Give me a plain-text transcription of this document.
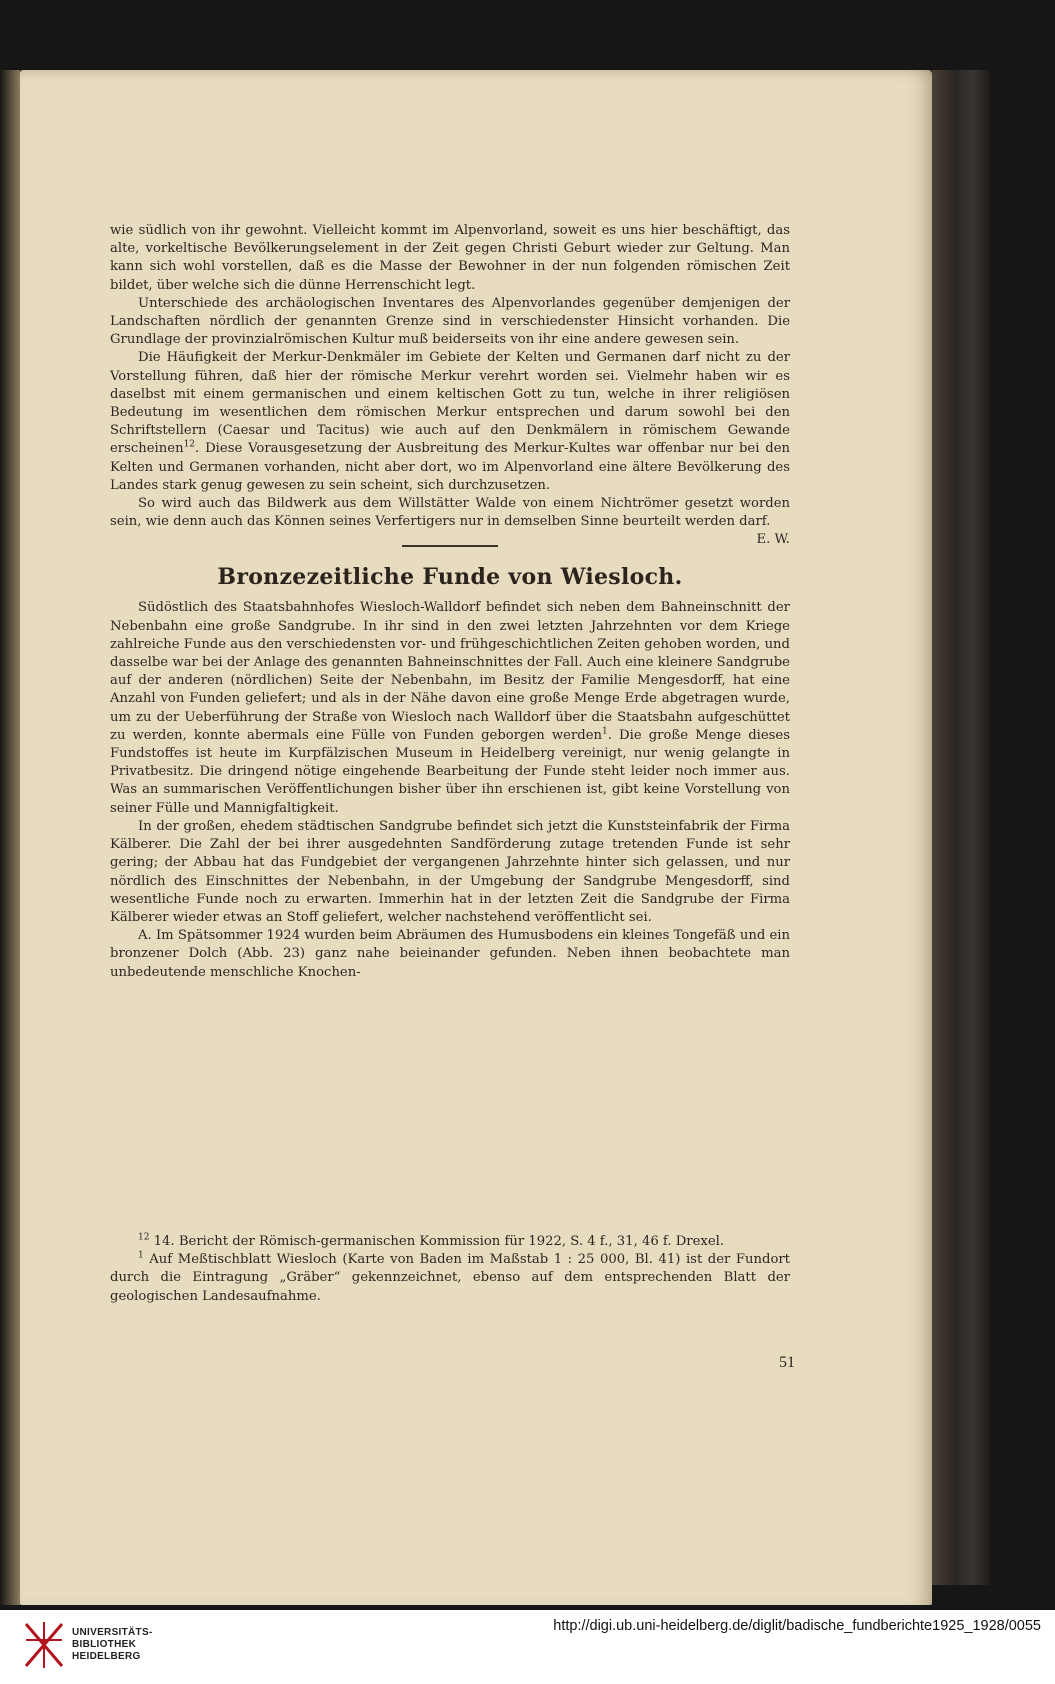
wie südlich von ihr gewohnt. Vielleicht kommt im Alpenvorland, soweit es uns hier beschäftigt, das alte, vorkeltische Bevölkerungselement in der Zeit gegen Christi Geburt wieder zur Geltung. Man kann sich wohl vorstellen, daß es die Masse der Bewohner in der nun folgenden römischen Zeit bildet, über welche sich die dünne Herrenschicht legt.

Unterschiede des archäologischen Inventares des Alpenvorlandes gegenüber demjenigen der Landschaften nördlich der genannten Grenze sind in verschiedenster Hinsicht vorhanden. Die Grundlage der provinzialrömischen Kultur muß beiderseits von ihr eine andere gewesen sein.

Die Häufigkeit der Merkur-Denkmäler im Gebiete der Kelten und Germanen darf nicht zu der Vorstellung führen, daß hier der römische Merkur verehrt worden sei. Vielmehr haben wir es daselbst mit einem germanischen und einem keltischen Gott zu tun, welche in ihrer religiösen Bedeutung im wesentlichen dem römischen Merkur entsprechen und darum sowohl bei den Schriftstellern (Caesar und Tacitus) wie auch auf den Denkmälern in römischem Gewande erscheinen$^{12}$. Diese Vorausgesetzung der Ausbreitung des Merkur-Kultes war offenbar nur bei den Kelten und Germanen vorhanden, nicht aber dort, wo im Alpenvorland eine ältere Bevölkerung des Landes stark genug gewesen zu sein scheint, sich durchzusetzen.

So wird auch das Bildwerk aus dem Willstätter Walde von einem Nichtrömer gesetzt worden sein, wie denn auch das Können seines Verfertigers nur in demselben Sinne beurteilt werden darf.
E. W.

Bronzezeitliche Funde von Wiesloch.

Südöstlich des Staatsbahnhofes Wiesloch-Walldorf befindet sich neben dem Bahneinschnitt der Nebenbahn eine große Sandgrube. In ihr sind in den zwei letzten Jahrzehnten vor dem Kriege zahlreiche Funde aus den verschiedensten vor- und frühgeschichtlichen Zeiten gehoben worden, und dasselbe war bei der Anlage des genannten Bahneinschnittes der Fall. Auch eine kleinere Sandgrube auf der anderen (nördlichen) Seite der Nebenbahn, im Besitz der Familie Mengesdorff, hat eine Anzahl von Funden geliefert; und als in der Nähe davon eine große Menge Erde abgetragen wurde, um zu der Ueberführung der Straße von Wiesloch nach Walldorf über die Staatsbahn aufgeschüttet zu werden, konnte abermals eine Fülle von Funden geborgen werden$^1$. Die große Menge dieses Fundstoffes ist heute im Kurpfälzischen Museum in Heidelberg vereinigt, nur wenig gelangte in Privatbesitz. Die dringend nötige eingehende Bearbeitung der Funde steht leider noch immer aus. Was an summarischen Veröffentlichungen bisher über ihn erschienen ist, gibt keine Vorstellung von seiner Fülle und Mannigfaltigkeit.

In der großen, ehedem städtischen Sandgrube befindet sich jetzt die Kunststeinfabrik der Firma Kälberer. Die Zahl der bei ihrer ausgedehnten Sandförderung zutage tretenden Funde ist sehr gering; der Abbau hat das Fundgebiet der vergangenen Jahrzehnte hinter sich gelassen, und nur nördlich des Einschnittes der Nebenbahn, in der Umgebung der Sandgrube Mengesdorff, sind wesentliche Funde noch zu erwarten. Immerhin hat in der letzten Zeit die Sandgrube der Firma Kälberer wieder etwas an Stoff geliefert, welcher nachstehend veröffentlicht sei.

A. Im Spätsommer 1924 wurden beim Abräumen des Humusbodens ein kleines Tongefäß und ein bronzener Dolch (Abb. 23) ganz nahe beieinander gefunden. Neben ihnen beobachtete man unbedeutende menschliche Knochen-

$^{12}$ 14. Bericht der Römisch-germanischen Kommission für 1922, S. 4 f., 31, 46 f. Drexel.

$^1$ Auf Meßtischblatt Wiesloch (Karte von Baden im Maßstab 1 : 25 000, Bl. 41) ist der Fundort durch die Eintragung „Gräber“ gekennzeichnet, ebenso auf dem entsprechenden Blatt der geologischen Landesaufnahme.

51
UNIVERSITÄTS-
BIBLIOTHEK
HEIDELBERG
http://digi.ub.uni-heidelberg.de/diglit/badische_fundberichte1925_1928/0055
